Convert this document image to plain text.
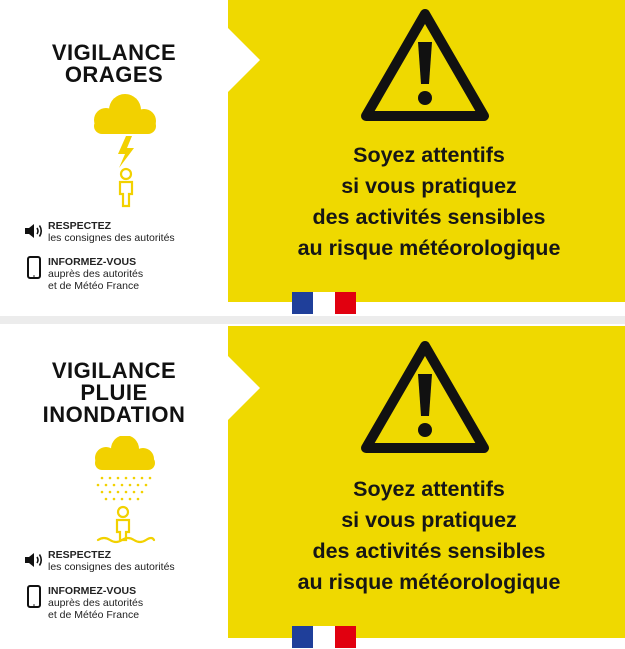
VIGILANCE
ORAGES
RESPECTEZ
les consignes des autorités
INFORMEZ-VOUS
auprès des autorités
et de Météo France
Soyez attentifs
si vous pratiquez
des activités sensibles
au risque météorologique
VIGILANCE
PLUIE
INONDATION
RESPECTEZ
les consignes des autorités
INFORMEZ-VOUS
auprès des autorités
et de Météo France
Soyez attentifs
si vous pratiquez
des activités sensibles
au risque météorologique
